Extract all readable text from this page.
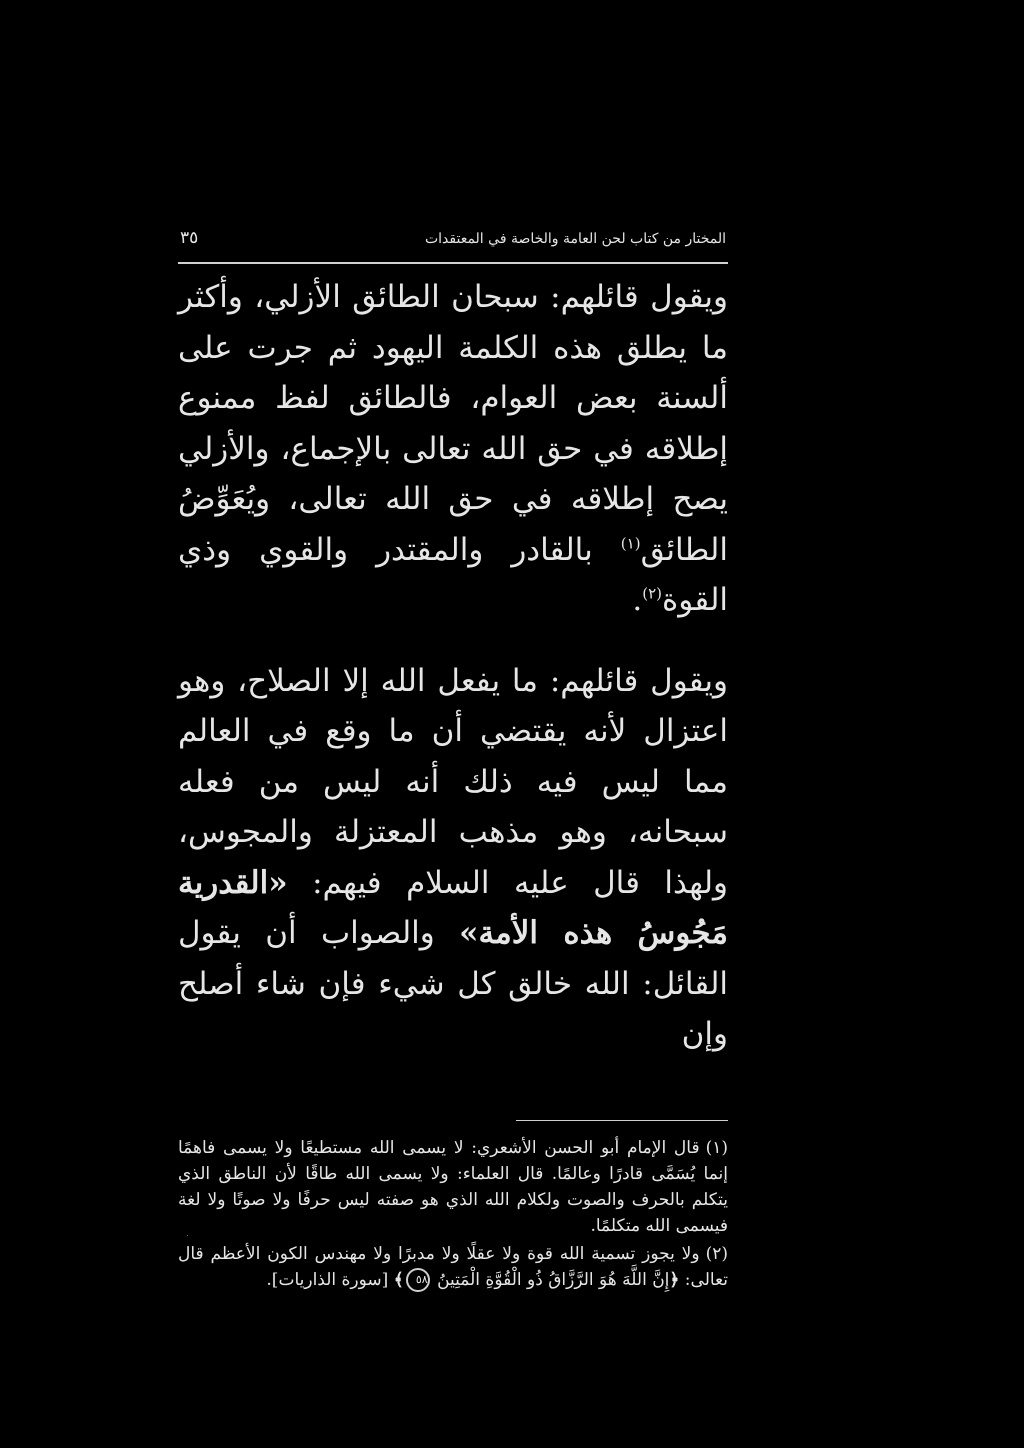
المختار من كتاب لحن العامة والخاصة في المعتقدات
٣٥

ويقول قائلهم: سبحان الطائق الأزلي، وأكثر ما يطلق هذه الكلمة اليهود ثم جرت على ألسنة بعض العوام، فالطائق لفظ ممنوع إطلاقه في حق الله تعالى بالإجماع، والأزلي يصح إطلاقه في حق الله تعالى، ويُعَوِّضُ الطائق$^{(١)}$ بالقادر والمقتدر والقوي وذي القوة$^{(٢)}$.

ويقول قائلهم: ما يفعل الله إلا الصلاح، وهو اعتزال لأنه يقتضي أن ما وقع في العالم مما ليس فيه ذلك أنه ليس من فعله سبحانه، وهو مذهب المعتزلة والمجوس، ولهذا قال عليه السلام فيهم: «القدرية مَجُوسُ هذه الأمة» والصواب أن يقول القائل: الله خالق كل شيء فإن شاء أصلح وإن

(١)قال الإمام أبو الحسن الأشعري: لا يسمى الله مستطيعًا ولا يسمى فاهمًا إنما يُسَمَّى قادرًا وعالمًا. قال العلماء: ولا يسمى الله طاقًا لأن الناطق الذي يتكلم بالحرف والصوت ولكلام الله الذي هو صفته ليس حرفًا ولا صوتًا ولا لغة فيسمى الله متكلمًا.

(٢)ولا يجوز تسمية الله قوة ولا عقلًا ولا مدبرًا ولا مهندس الكون الأعظم قال تعالى: ﴿إِنَّ اللَّهَ هُوَ الرَّزَّاقُ ذُو الْقُوَّةِ الْمَتِينُ ٥٨﴾ [سورة الذاريات].
